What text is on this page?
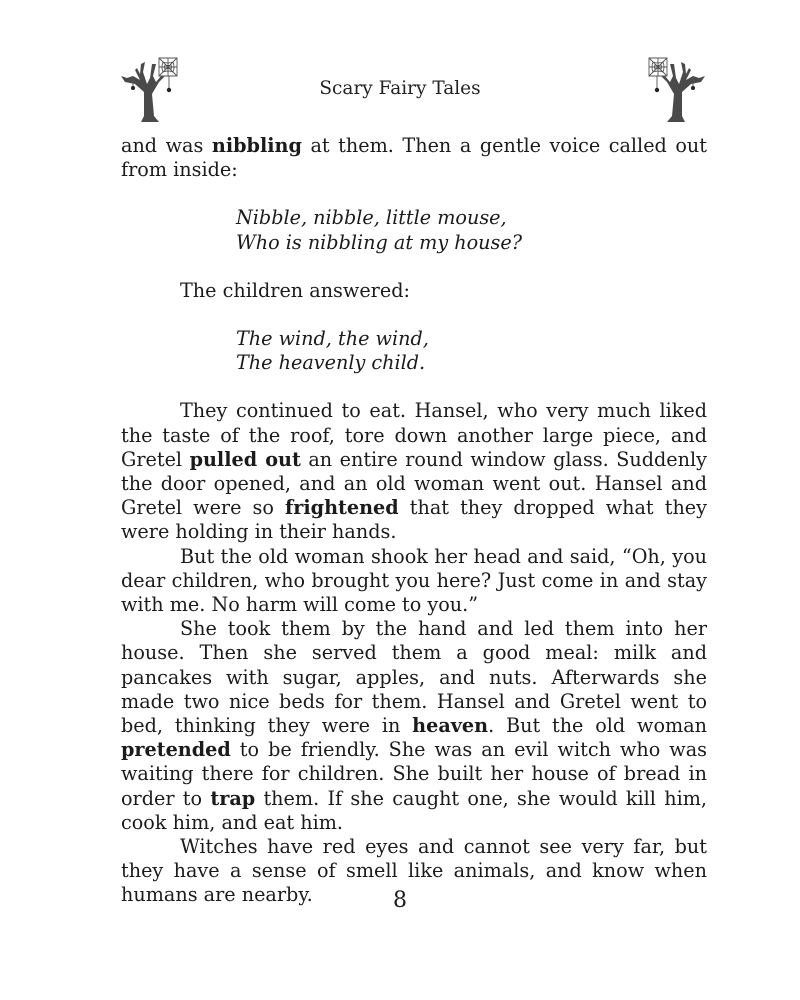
Scary Fairy Tales

and was nibbling at them. Then a gentle voice called out from inside:

Nibble, nibble, little mouse,
Who is nibbling at my house?

The children answered:

The wind, the wind,
The heavenly child.

They continued to eat. Hansel, who very much liked the taste of the roof, tore down another large piece, and Gretel pulled out an entire round window glass. Suddenly the door opened, and an old woman went out. Hansel and Gretel were so frightened that they dropped what they were holding in their hands.

But the old woman shook her head and said, “Oh, you dear children, who brought you here? Just come in and stay with me. No harm will come to you.”

She took them by the hand and led them into her house. Then she served them a good meal: milk and pancakes with sugar, apples, and nuts. Afterwards she made two nice beds for them. Hansel and Gretel went to bed, thinking they were in heaven. But the old woman pretended to be friendly. She was an evil witch who was waiting there for children. She built her house of bread in order to trap them. If she caught one, she would kill him, cook him, and eat him.

Witches have red eyes and cannot see very far, but they have a sense of smell like animals, and know when humans are nearby.	8
